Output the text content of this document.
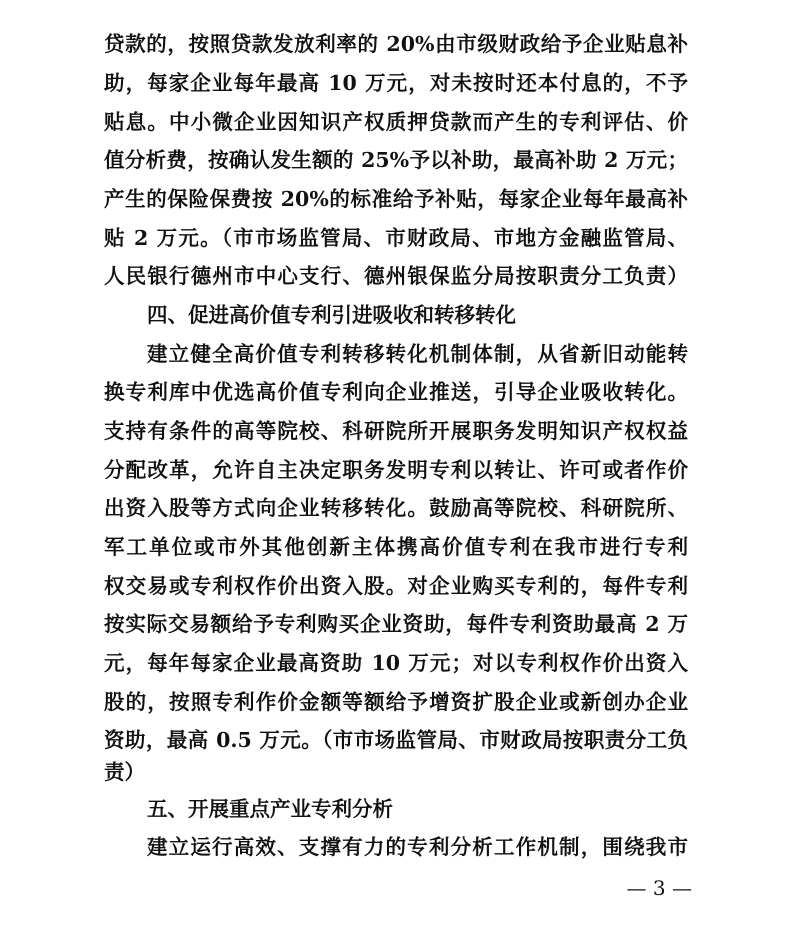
贷款的，按照贷款发放利率的 20%由市级财政给予企业贴息补
助，每家企业每年最高 10 万元，对未按时还本付息的，不予
贴息。中小微企业因知识产权质押贷款而产生的专利评估、价
值分析费，按确认发生额的 25%予以补助，最高补助 2 万元；
产生的保险保费按 20%的标准给予补贴，每家企业每年最高补
贴 2 万元。（市市场监管局、市财政局、市地方金融监管局、
人民银行德州市中心支行、德州银保监分局按职责分工负责）
四、促进高价值专利引进吸收和转移转化
建立健全高价值专利转移转化机制体制，从省新旧动能转
换专利库中优选高价值专利向企业推送，引导企业吸收转化。
支持有条件的高等院校、科研院所开展职务发明知识产权权益
分配改革，允许自主决定职务发明专利以转让、许可或者作价
出资入股等方式向企业转移转化。鼓励高等院校、科研院所、
军工单位或市外其他创新主体携高价值专利在我市进行专利
权交易或专利权作价出资入股。对企业购买专利的，每件专利
按实际交易额给予专利购买企业资助，每件专利资助最高 2 万
元，每年每家企业最高资助 10 万元；对以专利权作价出资入
股的，按照专利作价金额等额给予增资扩股企业或新创办企业
资助，最高 0.5 万元。（市市场监管局、市财政局按职责分工负
责）
五、开展重点产业专利分析
建立运行高效、支撑有力的专利分析工作机制，围绕我市
— 3 —
